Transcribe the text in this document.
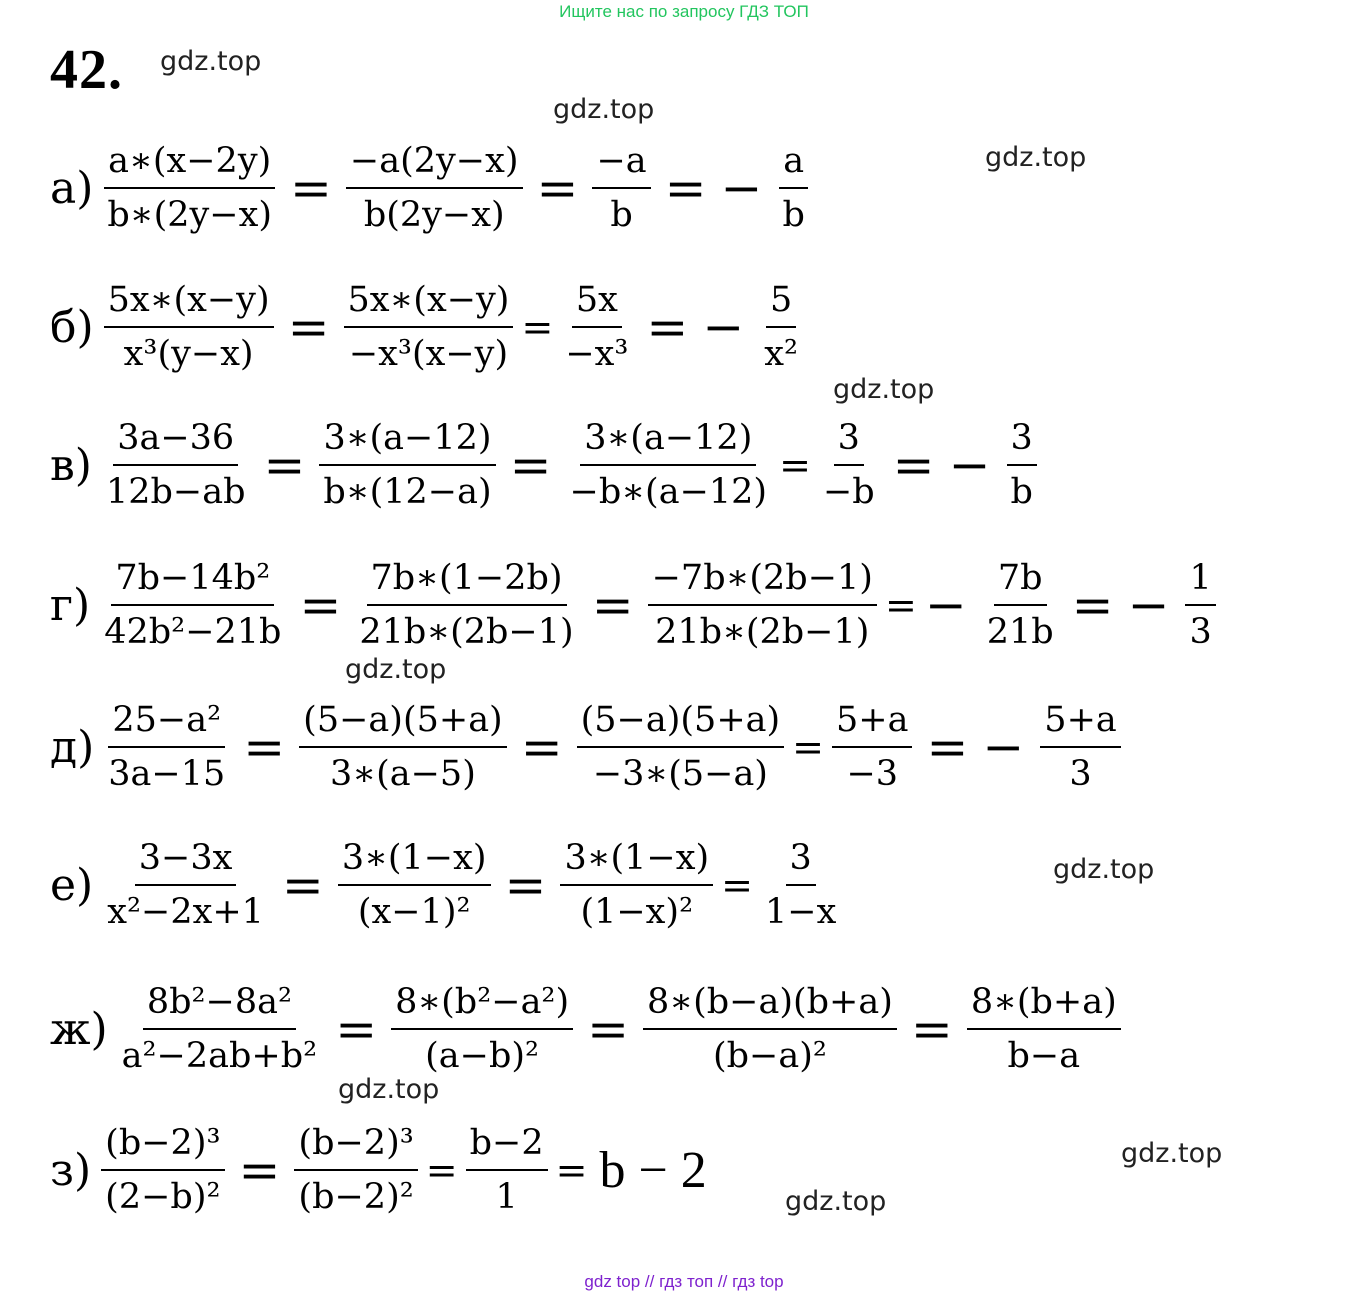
Ищите нас по запросу ГДЗ ТОП
42. gdz.top
gdz.top
gdz.top
gdz.top
gdz.top
gdz.top
gdz.top
gdz.top
gdz.top
$а) \frac{a∗(x-2y)}{b∗(2y-x)} = \frac{-a(2y-x)}{b(2y-x)} = \frac{-a}{b}$ = − $\frac{a}{b}$
$б) \frac{5x∗(x-y)}{\text{x³(y−x)}} = \frac{5x∗(x-y)}{\text{−x³(x−y)}} = \frac{5x}{\text{−x³}}$ = − $\frac{5}{\text{x²}}$
$в) \frac{3a-36}{12b-ab} = \frac{3∗(a-12)}{b∗(12-a)} = \frac{3∗(a-12)}{-b∗(a-12)} = \frac{3}{-b}$ = − $\frac{3}{b}$
$г) \frac{\text{7b−14b²}}{\text{42b²−21b}} = \frac{7b∗(1-2b)}{21b∗(2b-1)} = \frac{-7b∗(2b-1)}{21b∗(2b-1)}$ = − $\frac{7b}{21b}$ = − $\frac{1}{3}$
$д) \frac{\text{25−a²}}{3a-15} = \frac{(5-a)(5+a)}{3∗(a-5)} = \frac{(5-a)(5+a)}{-3∗(5-a)} = \frac{5+a}{-3}$ = − $\frac{5+a}{3}$
$е) \frac{3-3x}{\text{x²−2x+1}} = \frac{3∗(1-x)}{\text{(x−1)²}} = \frac{3∗(1-x)}{\text{(1−x)²}} = \frac{3}{1-x}$
$ж) \frac{\text{8b²−8a²}}{\text{a²−2ab+b²}} = \frac{\text{8∗(b²−a²)}}{\text{(a−b)²}} = \frac{8∗(b-a)(b+a)}{\text{(b−a)²}} = \frac{8∗(b+a)}{b-a}$
$з) \frac{\text{(b−2)³}}{\text{(2−b)²}} = \frac{\text{(b−2)³}}{\text{(b−2)²}} = \frac{b-2}{1} = b - 2$
gdz top // гдз топ // гдз top
